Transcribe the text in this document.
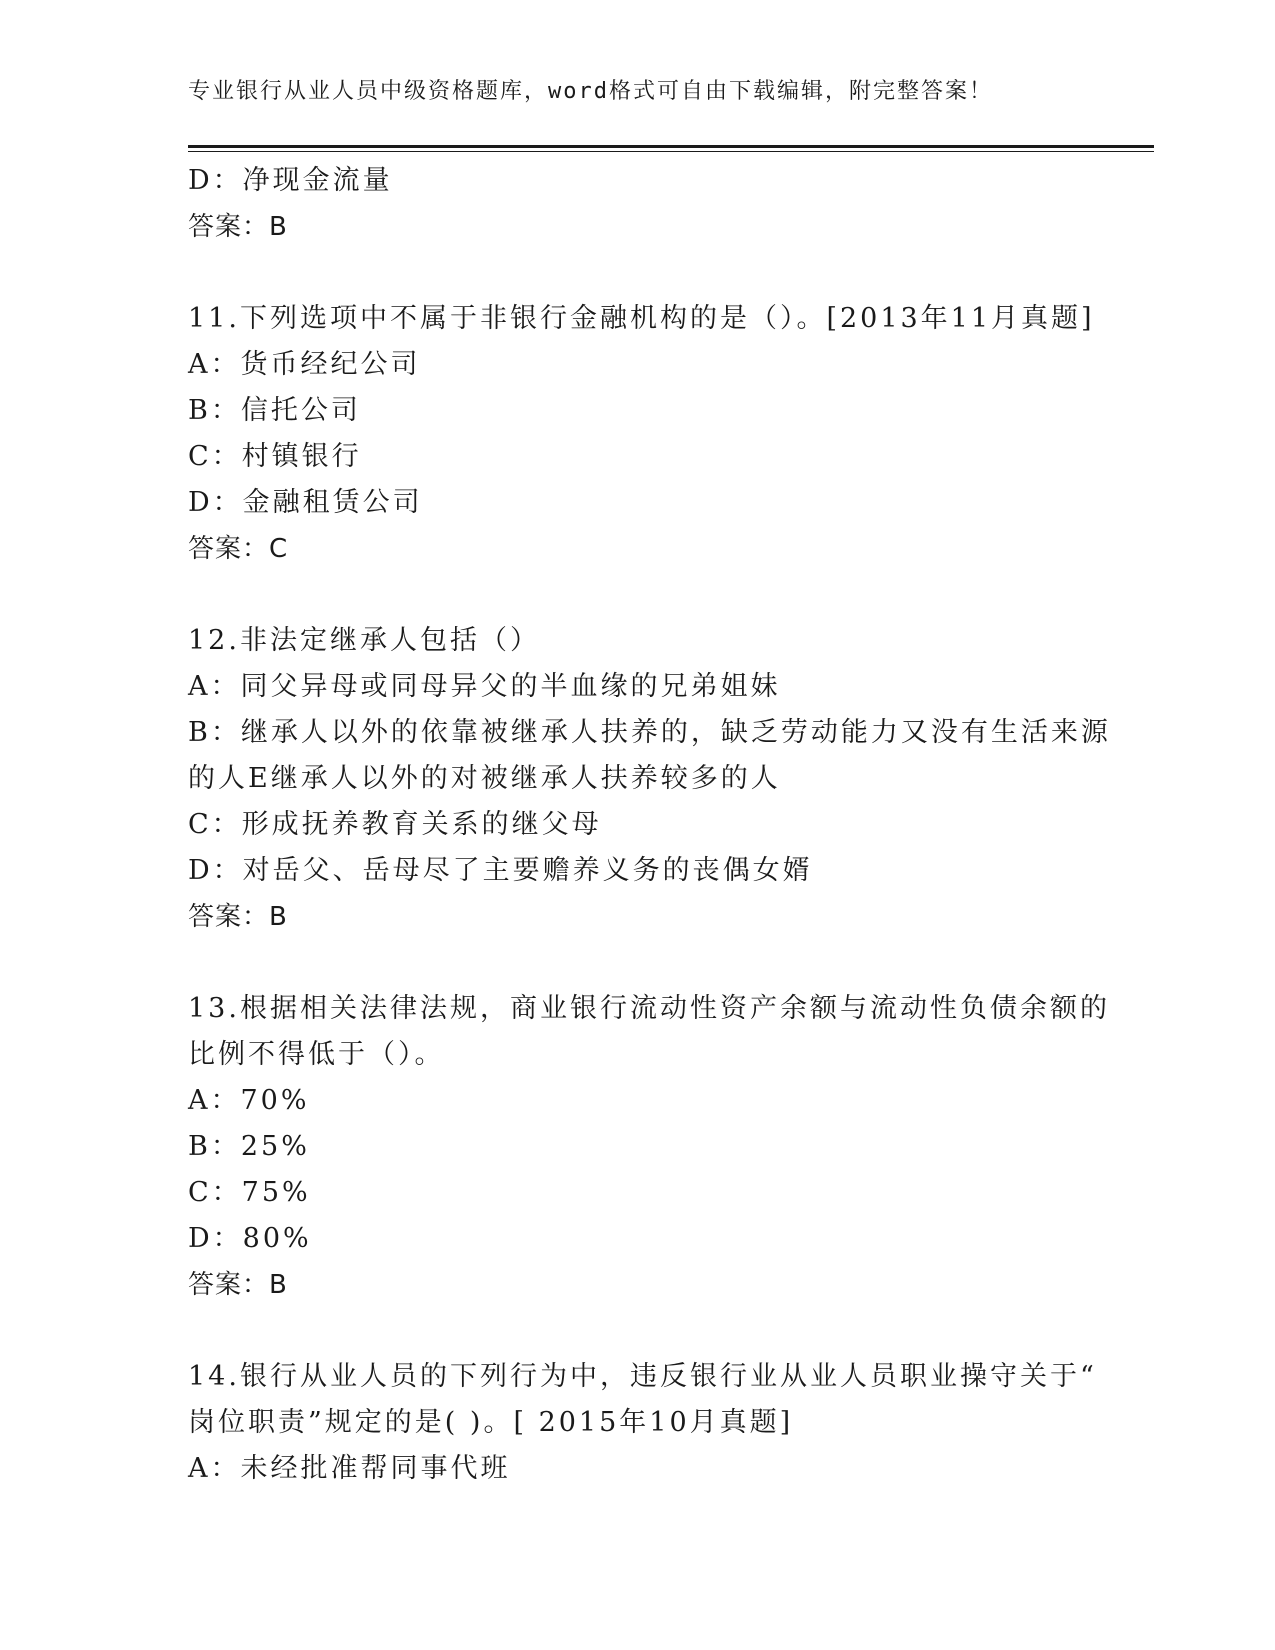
专业银行从业人员中级资格题库，word格式可自由下载编辑，附完整答案！
D：净现金流量
答案：B
11.下列选项中不属于非银行金融机构的是（）。[2013年11月真题]
A：货币经纪公司
B：信托公司
C：村镇银行
D：金融租赁公司
答案：C
12.非法定继承人包括（）
A：同父异母或同母异父的半血缘的兄弟姐妹
B：继承人以外的依靠被继承人扶养的，缺乏劳动能力又没有生活来源
的人E继承人以外的对被继承人扶养较多的人
C：形成抚养教育关系的继父母
D：对岳父、岳母尽了主要赡养义务的丧偶女婿
答案：B
13.根据相关法律法规，商业银行流动性资产余额与流动性负债余额的
比例不得低于（）。
A：70%
B：25%
C：75%
D：80%
答案：B
14.银行从业人员的下列行为中，违反银行业从业人员职业操守关于“
岗位职责”规定的是( )。[ 2015年10月真题]
A：未经批准帮同事代班
